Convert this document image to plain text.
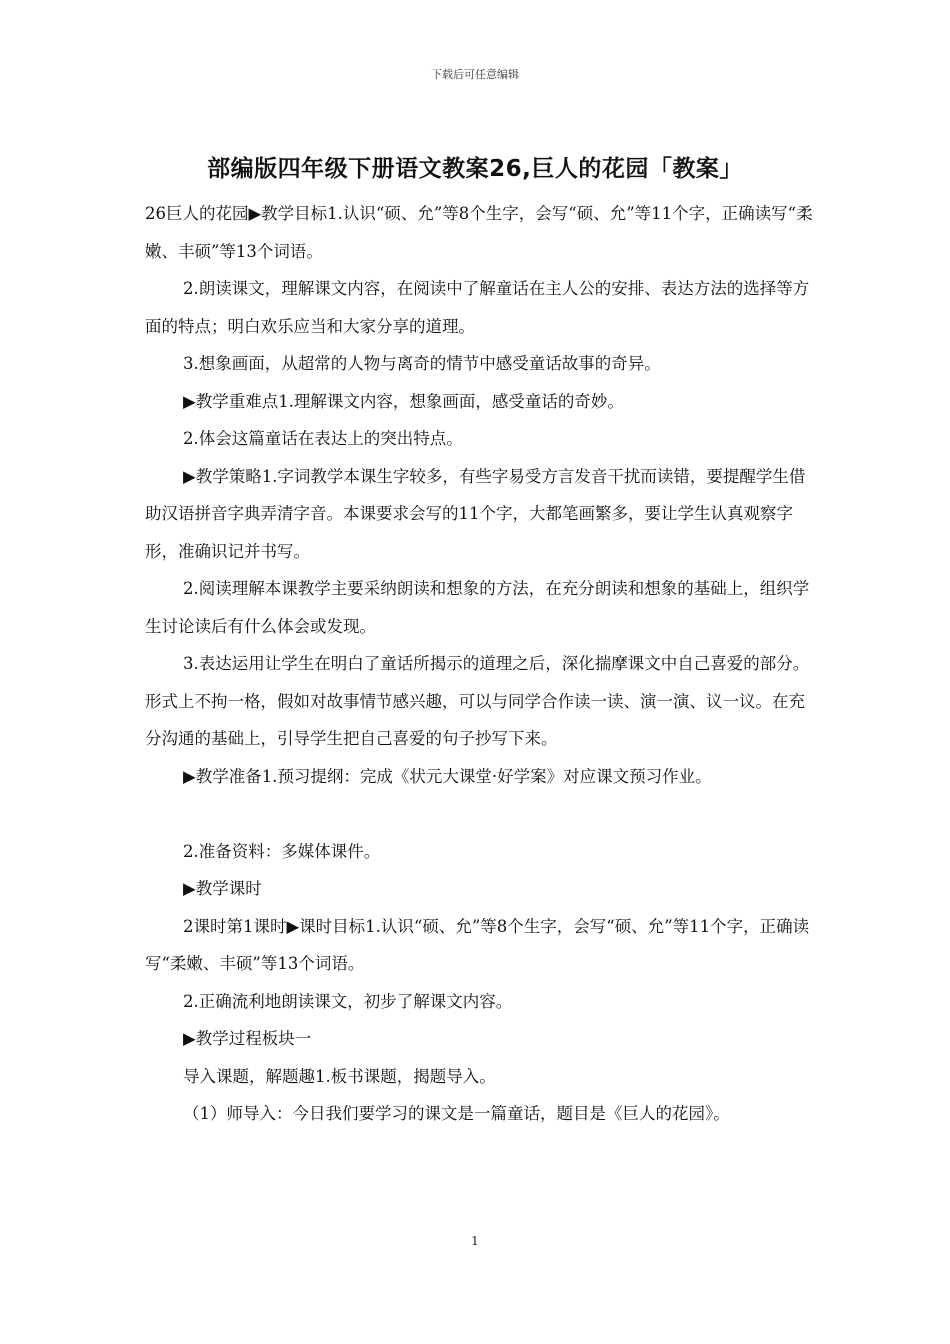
下载后可任意编辑
部编版四年级下册语文教案26,巨人的花园「教案」

26巨人的花园▶教学目标1.认识“硕、允”等8个生字，会写“硕、允”等11个字，正确读写“柔嫩、丰硕”等13个词语。

2.朗读课文，理解课文内容，在阅读中了解童话在主人公的安排、表达方法的选择等方面的特点；明白欢乐应当和大家分享的道理。

3.想象画面，从超常的人物与离奇的情节中感受童话故事的奇异。

▶教学重难点1.理解课文内容，想象画面，感受童话的奇妙。

2.体会这篇童话在表达上的突出特点。

▶教学策略1.字词教学本课生字较多，有些字易受方言发音干扰而读错，要提醒学生借助汉语拼音字典弄清字音。本课要求会写的11个字，大都笔画繁多，要让学生认真观察字形，准确识记并书写。

2.阅读理解本课教学主要采纳朗读和想象的方法，在充分朗读和想象的基础上，组织学生讨论读后有什么体会或发现。

3.表达运用让学生在明白了童话所揭示的道理之后，深化揣摩课文中自己喜爱的部分。形式上不拘一格，假如对故事情节感兴趣，可以与同学合作读一读、演一演、议一议。在充分沟通的基础上，引导学生把自己喜爱的句子抄写下来。

▶教学准备1.预习提纲：完成《状元大课堂·好学案》对应课文预习作业。

2.准备资料：多媒体课件。

▶教学课时

2课时第1课时▶课时目标1.认识“硕、允”等8个生字，会写“硕、允”等11个字，正确读写“柔嫩、丰硕”等13个词语。

2.正确流利地朗读课文，初步了解课文内容。

▶教学过程板块一

导入课题，解题趣1.板书课题，揭题导入。

（1）师导入：今日我们要学习的课文是一篇童话，题目是《巨人的花园》。

1
